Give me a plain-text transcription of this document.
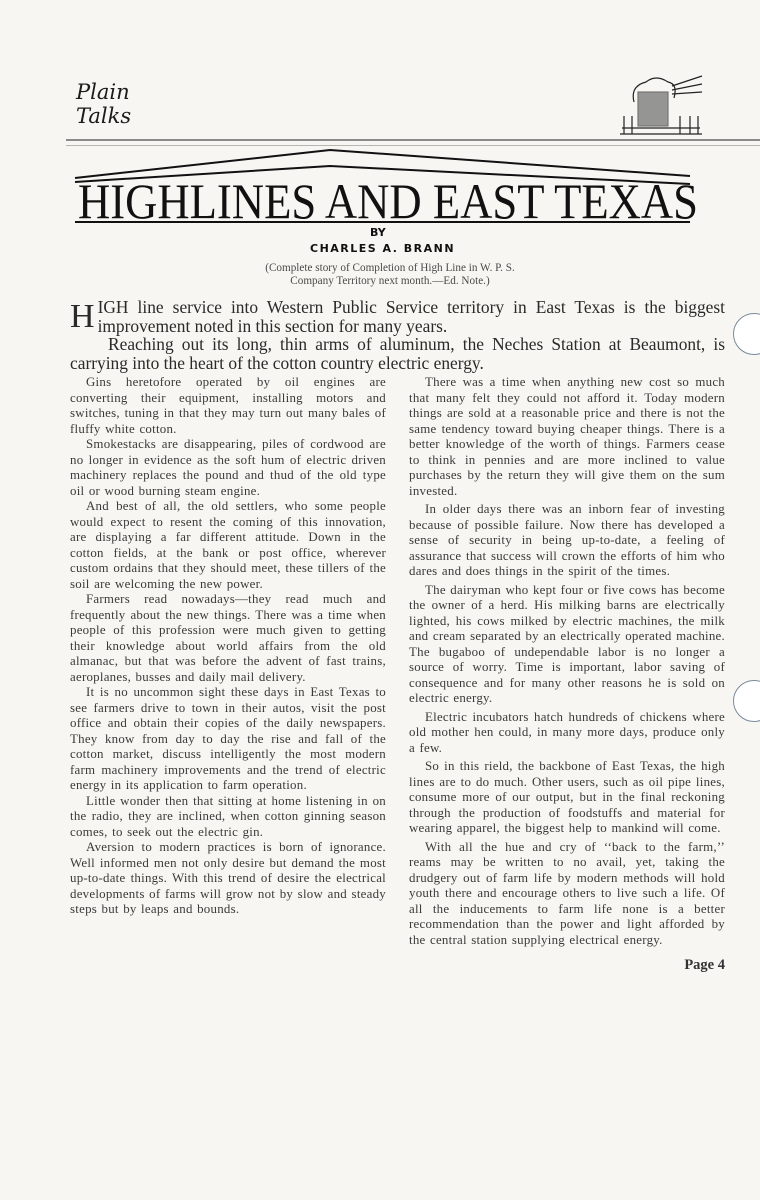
Plain
Talks
HIGHLINES AND EAST TEXAS
BY
CHARLES A. BRANN
(Complete story of Completion of High Line in W. P. S.
Company Territory next month.—Ed. Note.)
H IGH line service into Western Public Service territory in East Texas is the biggest improvement noted in this section for many years.

Reaching out its long, thin arms of aluminum, the Neches Station at Beaumont, is carrying into the heart of the cotton country electric energy.

Gins heretofore operated by oil engines are converting their equipment, installing motors and switches, tuning in that they may turn out many bales of fluffy white cotton.

Smokestacks are disappearing, piles of cordwood are no longer in evidence as the soft hum of electric driven machinery replaces the pound and thud of the old type oil or wood burning steam engine.

And best of all, the old settlers, who some people would expect to resent the coming of this innovation, are displaying a far different attitude. Down in the cotton fields, at the bank or post office, wherever custom ordains that they should meet, these tillers of the soil are welcoming the new power.

Farmers read nowadays—they read much and frequently about the new things. There was a time when people of this profession were much given to getting their knowledge about world affairs from the old almanac, but that was before the advent of fast trains, aeroplanes, busses and daily mail delivery.

It is no uncommon sight these days in East Texas to see farmers drive to town in their autos, visit the post office and obtain their copies of the daily newspapers. They know from day to day the rise and fall of the cotton market, discuss intelligently the most modern farm machinery improvements and the trend of electric energy in its application to farm operation.

Little wonder then that sitting at home listening in on the radio, they are inclined, when cotton ginning season comes, to seek out the electric gin.

Aversion to modern practices is born of ignorance. Well informed men not only desire but demand the most up-to-date things. With this trend of desire the electrical developments of farms will grow not by slow and steady steps but by leaps and bounds.

There was a time when anything new cost so much that many felt they could not afford it. Today modern things are sold at a reasonable price and there is not the same tendency toward buying cheaper things. There is a better knowledge of the worth of things. Farmers cease to think in pennies and are more inclined to value purchases by the return they will give them on the sum invested.

In older days there was an inborn fear of investing because of possible failure. Now there has developed a sense of security in being up-to-date, a feeling of assurance that success will crown the efforts of him who dares and does things in the spirit of the times.

The dairyman who kept four or five cows has become the owner of a herd. His milking barns are electrically lighted, his cows milked by electric machines, the milk and cream separated by an electrically operated machine. The bugaboo of undependable labor is no longer a source of worry. Time is important, labor saving of consequence and for many other reasons he is sold on electric energy.

Electric incubators hatch hundreds of chickens where old mother hen could, in many more days, produce only a few.

So in this rield, the backbone of East Texas, the high lines are to do much. Other users, such as oil pipe lines, consume more of our output, but in the final reckoning through the production of foodstuffs and material for wearing apparel, the biggest help to mankind will come.

With all the hue and cry of ‘‘back to the farm,’’ reams may be written to no avail, yet, taking the drudgery out of farm life by modern methods will hold youth there and encourage others to live such a life. Of all the inducements to farm life none is a better recommendation than the power and light afforded by the central station supplying electrical energy.

Page 4
